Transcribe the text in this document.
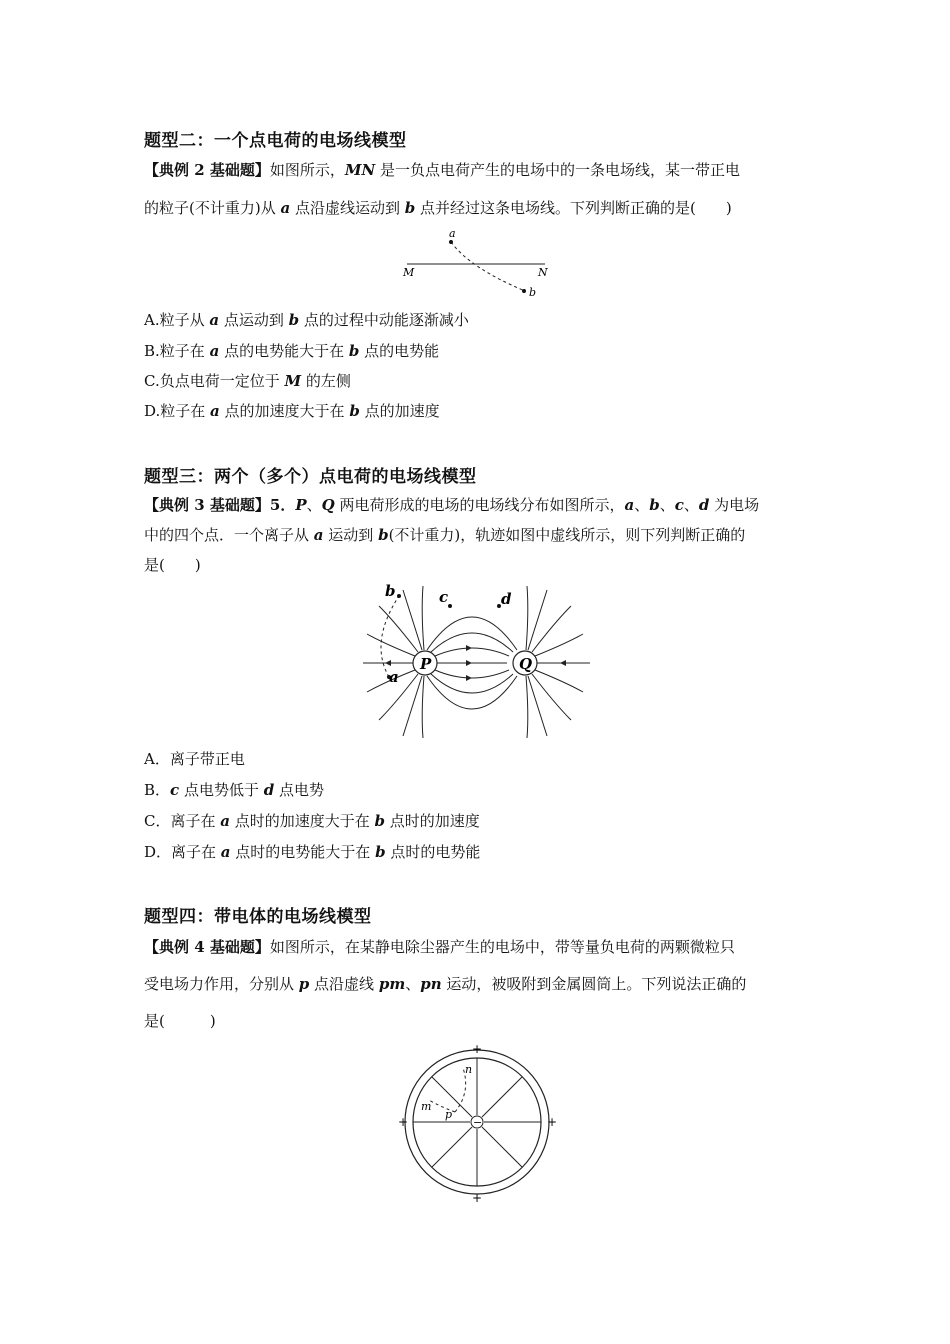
题型二：一个点电荷的电场线模型
【典例 2 基础题】如图所示，MN 是一负点电荷产生的电场中的一条电场线，某一带正电
的粒子(不计重力)从 a 点沿虚线运动到 b 点并经过这条电场线。下列判断正确的是(　　)
a
b
M	N
A.粒子从 a 点运动到 b 点的过程中动能逐渐减小
B.粒子在 a 点的电势能大于在 b 点的电势能
C.负点电荷一定位于 M 的左侧
D.粒子在 a 点的加速度大于在 b 点的加速度
题型三：两个（多个）点电荷的电场线模型
【典例 3 基础题】5．P、Q 两电荷形成的电场的电场线分布如图所示，a、b、c、d 为电场
中的四个点．一个离子从 a 运动到 b(不计重力)，轨迹如图中虚线所示，则下列判断正确的
是(　　)
P	Q
a
b	c	d
A．离子带正电
B．c 点电势低于 d 点电势
C．离子在 a 点时的加速度大于在 b 点时的加速度
D．离子在 a 点时的电势能大于在 b 点时的电势能
题型四：带电体的电场线模型
【典例 4 基础题】如图所示，在某静电除尘器产生的电场中，带等量负电荷的两颗微粒只
受电场力作用，分别从 p 点沿虚线 pm、pn 运动，被吸附到金属圆筒上。下列说法正确的
是(　　　)
−
n
m
p
+
+
+	+
